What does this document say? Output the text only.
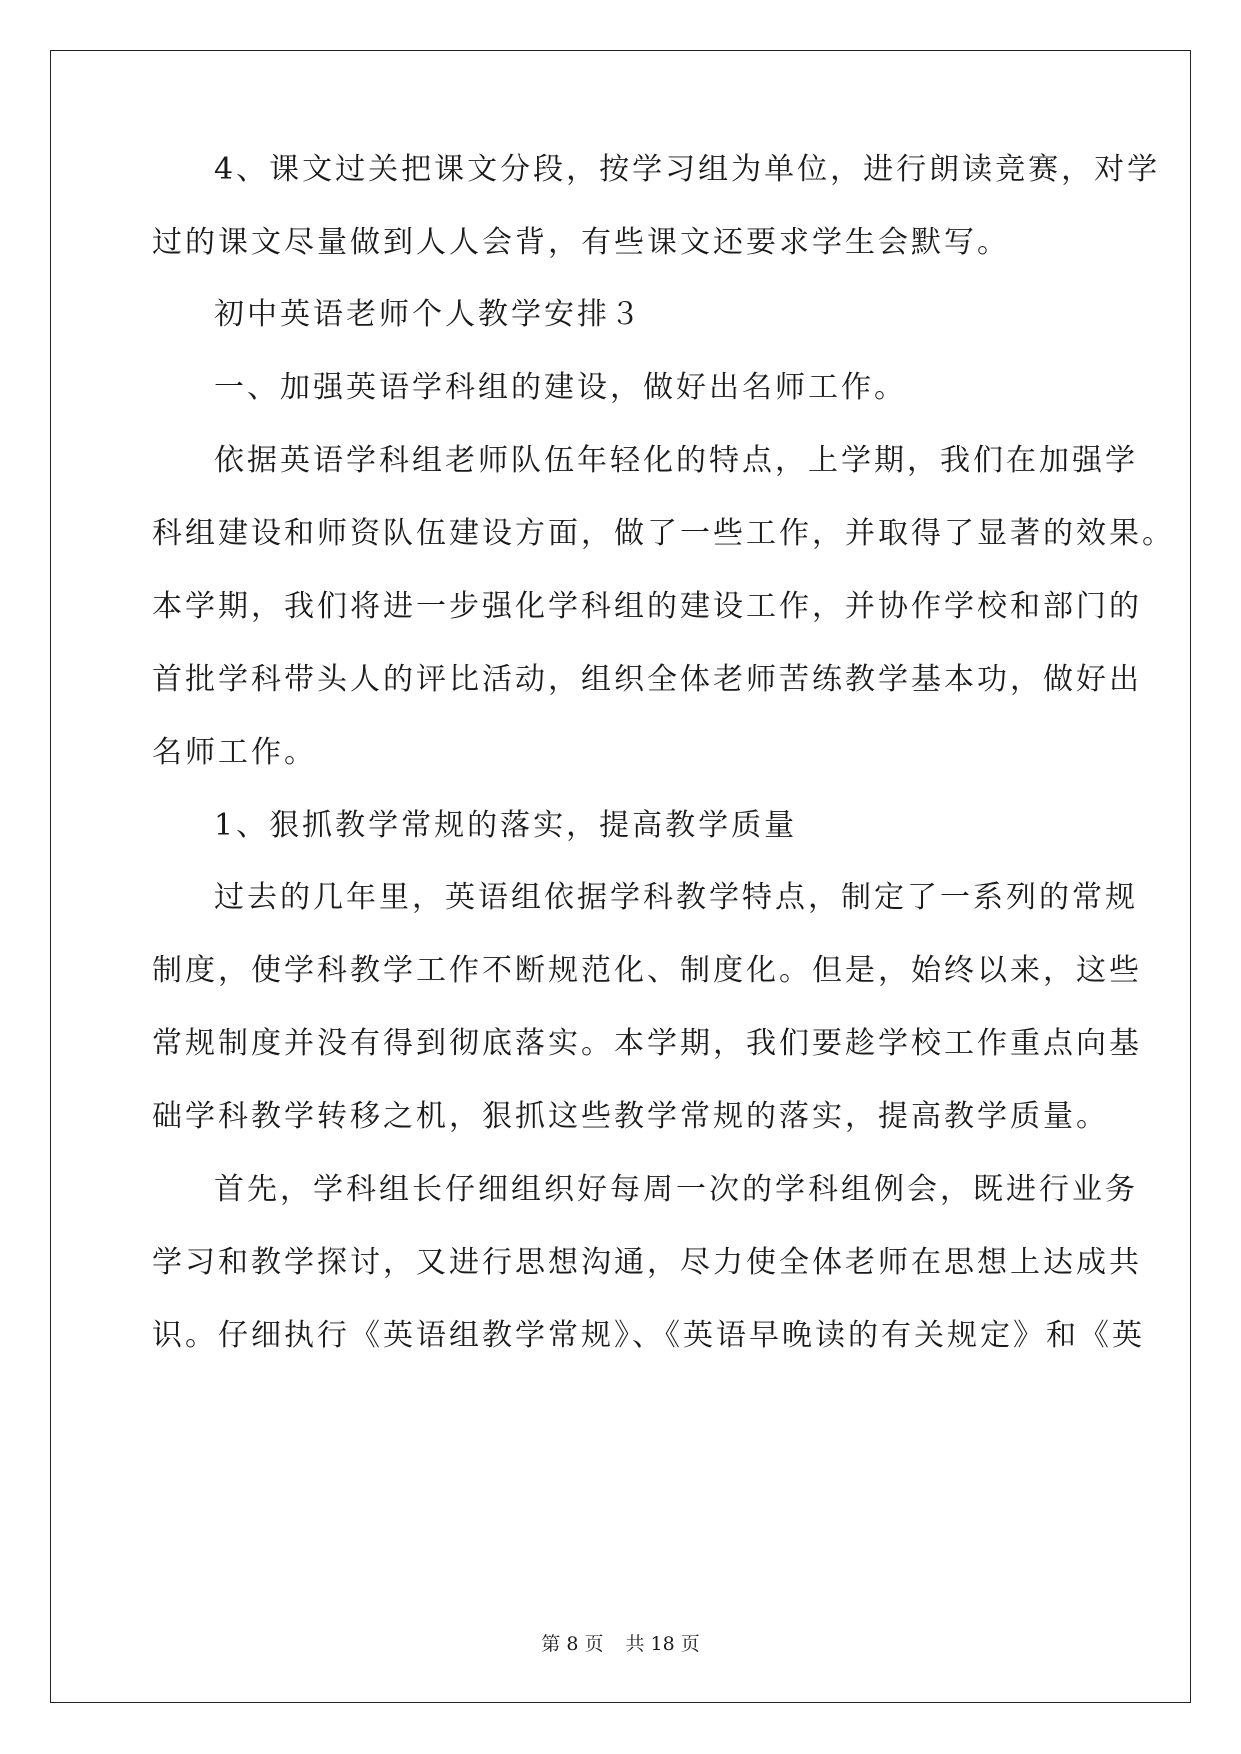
4、课文过关把课文分段，按学习组为单位，进行朗读竞赛，对学
过的课文尽量做到人人会背，有些课文还要求学生会默写。
初中英语老师个人教学安排３
一、加强英语学科组的建设，做好出名师工作。
依据英语学科组老师队伍年轻化的特点，上学期，我们在加强学
科组建设和师资队伍建设方面，做了一些工作，并取得了显著的效果。
本学期，我们将进一步强化学科组的建设工作，并协作学校和部门的
首批学科带头人的评比活动，组织全体老师苦练教学基本功，做好出
名师工作。
1、狠抓教学常规的落实，提高教学质量
过去的几年里，英语组依据学科教学特点，制定了一系列的常规
制度，使学科教学工作不断规范化、制度化。但是，始终以来，这些
常规制度并没有得到彻底落实。本学期，我们要趁学校工作重点向基
础学科教学转移之机，狠抓这些教学常规的落实，提高教学质量。
首先，学科组长仔细组织好每周一次的学科组例会，既进行业务
学习和教学探讨，又进行思想沟通，尽力使全体老师在思想上达成共
识。仔细执行《英语组教学常规》、《英语早晚读的有关规定》和《英
第 8 页 共 18 页
